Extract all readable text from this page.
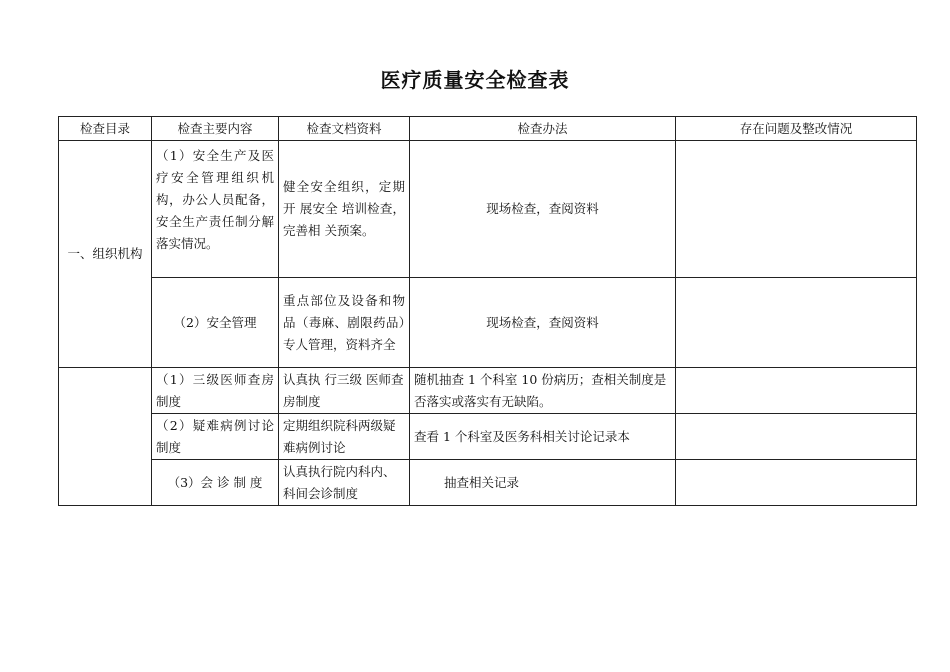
医疗质量安全检查表
检查目录	检查主要内容	检查文档资料	检查办法	存在问题及整改情况
一、组织机构	（1）安全生产及医疗安全管理组织机构，办公人员配备，安全生产责任制分解落实情况。	健全安全组织，定期开 展安全 培训检查， 完善相 关预案。	现场检查，查阅资料	
	（2）安全管理	重点部位及设备和物品（毒麻、剧限药品）专人管理，资料齐全	现场检查，查阅资料	
	（1）三级医师查房制度	认真执 行三级 医师查房制度	随机抽查 1 个科室 10 份病历；查相关制度是否落实或落实有无缺陷。	
	（2）疑难病例讨论制度	定期组织院科两级疑难病例讨论	查看 1 个科室及医务科相关讨论记录本	
	（3）会 诊 制 度	认真执行院内科内、科间会诊制度	抽查相关记录	
